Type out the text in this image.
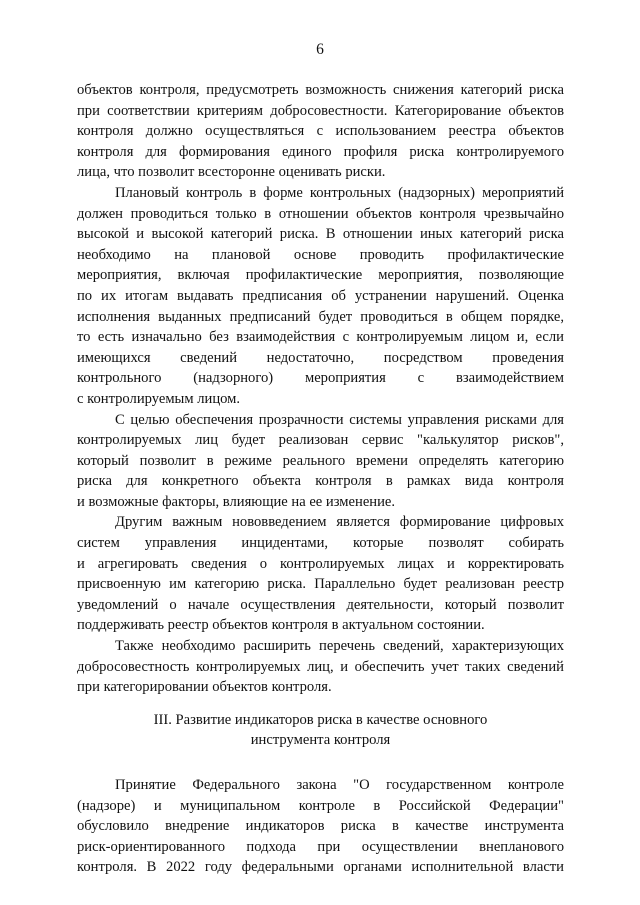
6
объектов контроля, предусмотреть возможность снижения категорий риска
при соответствии критериям добросовестности. Категорирование объектов
контроля должно осуществляться с использованием реестра объектов
контроля для формирования единого профиля риска контролируемого
лица, что позволит всесторонне оценивать риски.
Плановый контроль в форме контрольных (надзорных) мероприятий
должен проводиться только в отношении объектов контроля чрезвычайно
высокой и высокой категорий риска. В отношении иных категорий риска
необходимо на плановой основе проводить профилактические
мероприятия, включая профилактические мероприятия, позволяющие
по их итогам выдавать предписания об устранении нарушений. Оценка
исполнения выданных предписаний будет проводиться в общем порядке,
то есть изначально без взаимодействия с контролируемым лицом и, если
имеющихся сведений недостаточно, посредством проведения
контрольного (надзорного) мероприятия с взаимодействием
с контролируемым лицом.
С целью обеспечения прозрачности системы управления рисками для
контролируемых лиц будет реализован сервис "калькулятор рисков",
который позволит в режиме реального времени определять категорию
риска для конкретного объекта контроля в рамках вида контроля
и возможные факторы, влияющие на ее изменение.
Другим важным нововведением является формирование цифровых
систем управления инцидентами, которые позволят собирать
и агрегировать сведения о контролируемых лицах и корректировать
присвоенную им категорию риска. Параллельно будет реализован реестр
уведомлений о начале осуществления деятельности, который позволит
поддерживать реестр объектов контроля в актуальном состоянии.
Также необходимо расширить перечень сведений, характеризующих
добросовестность контролируемых лиц, и обеспечить учет таких сведений
при категорировании объектов контроля.
III. Развитие индикаторов риска в качестве основного
инструмента контроля
Принятие Федерального закона "О государственном контроле
(надзоре) и муниципальном контроле в Российской Федерации"
обусловило внедрение индикаторов риска в качестве инструмента
риск-ориентированного подхода при осуществлении внепланового
контроля. В 2022 году федеральными органами исполнительной власти
